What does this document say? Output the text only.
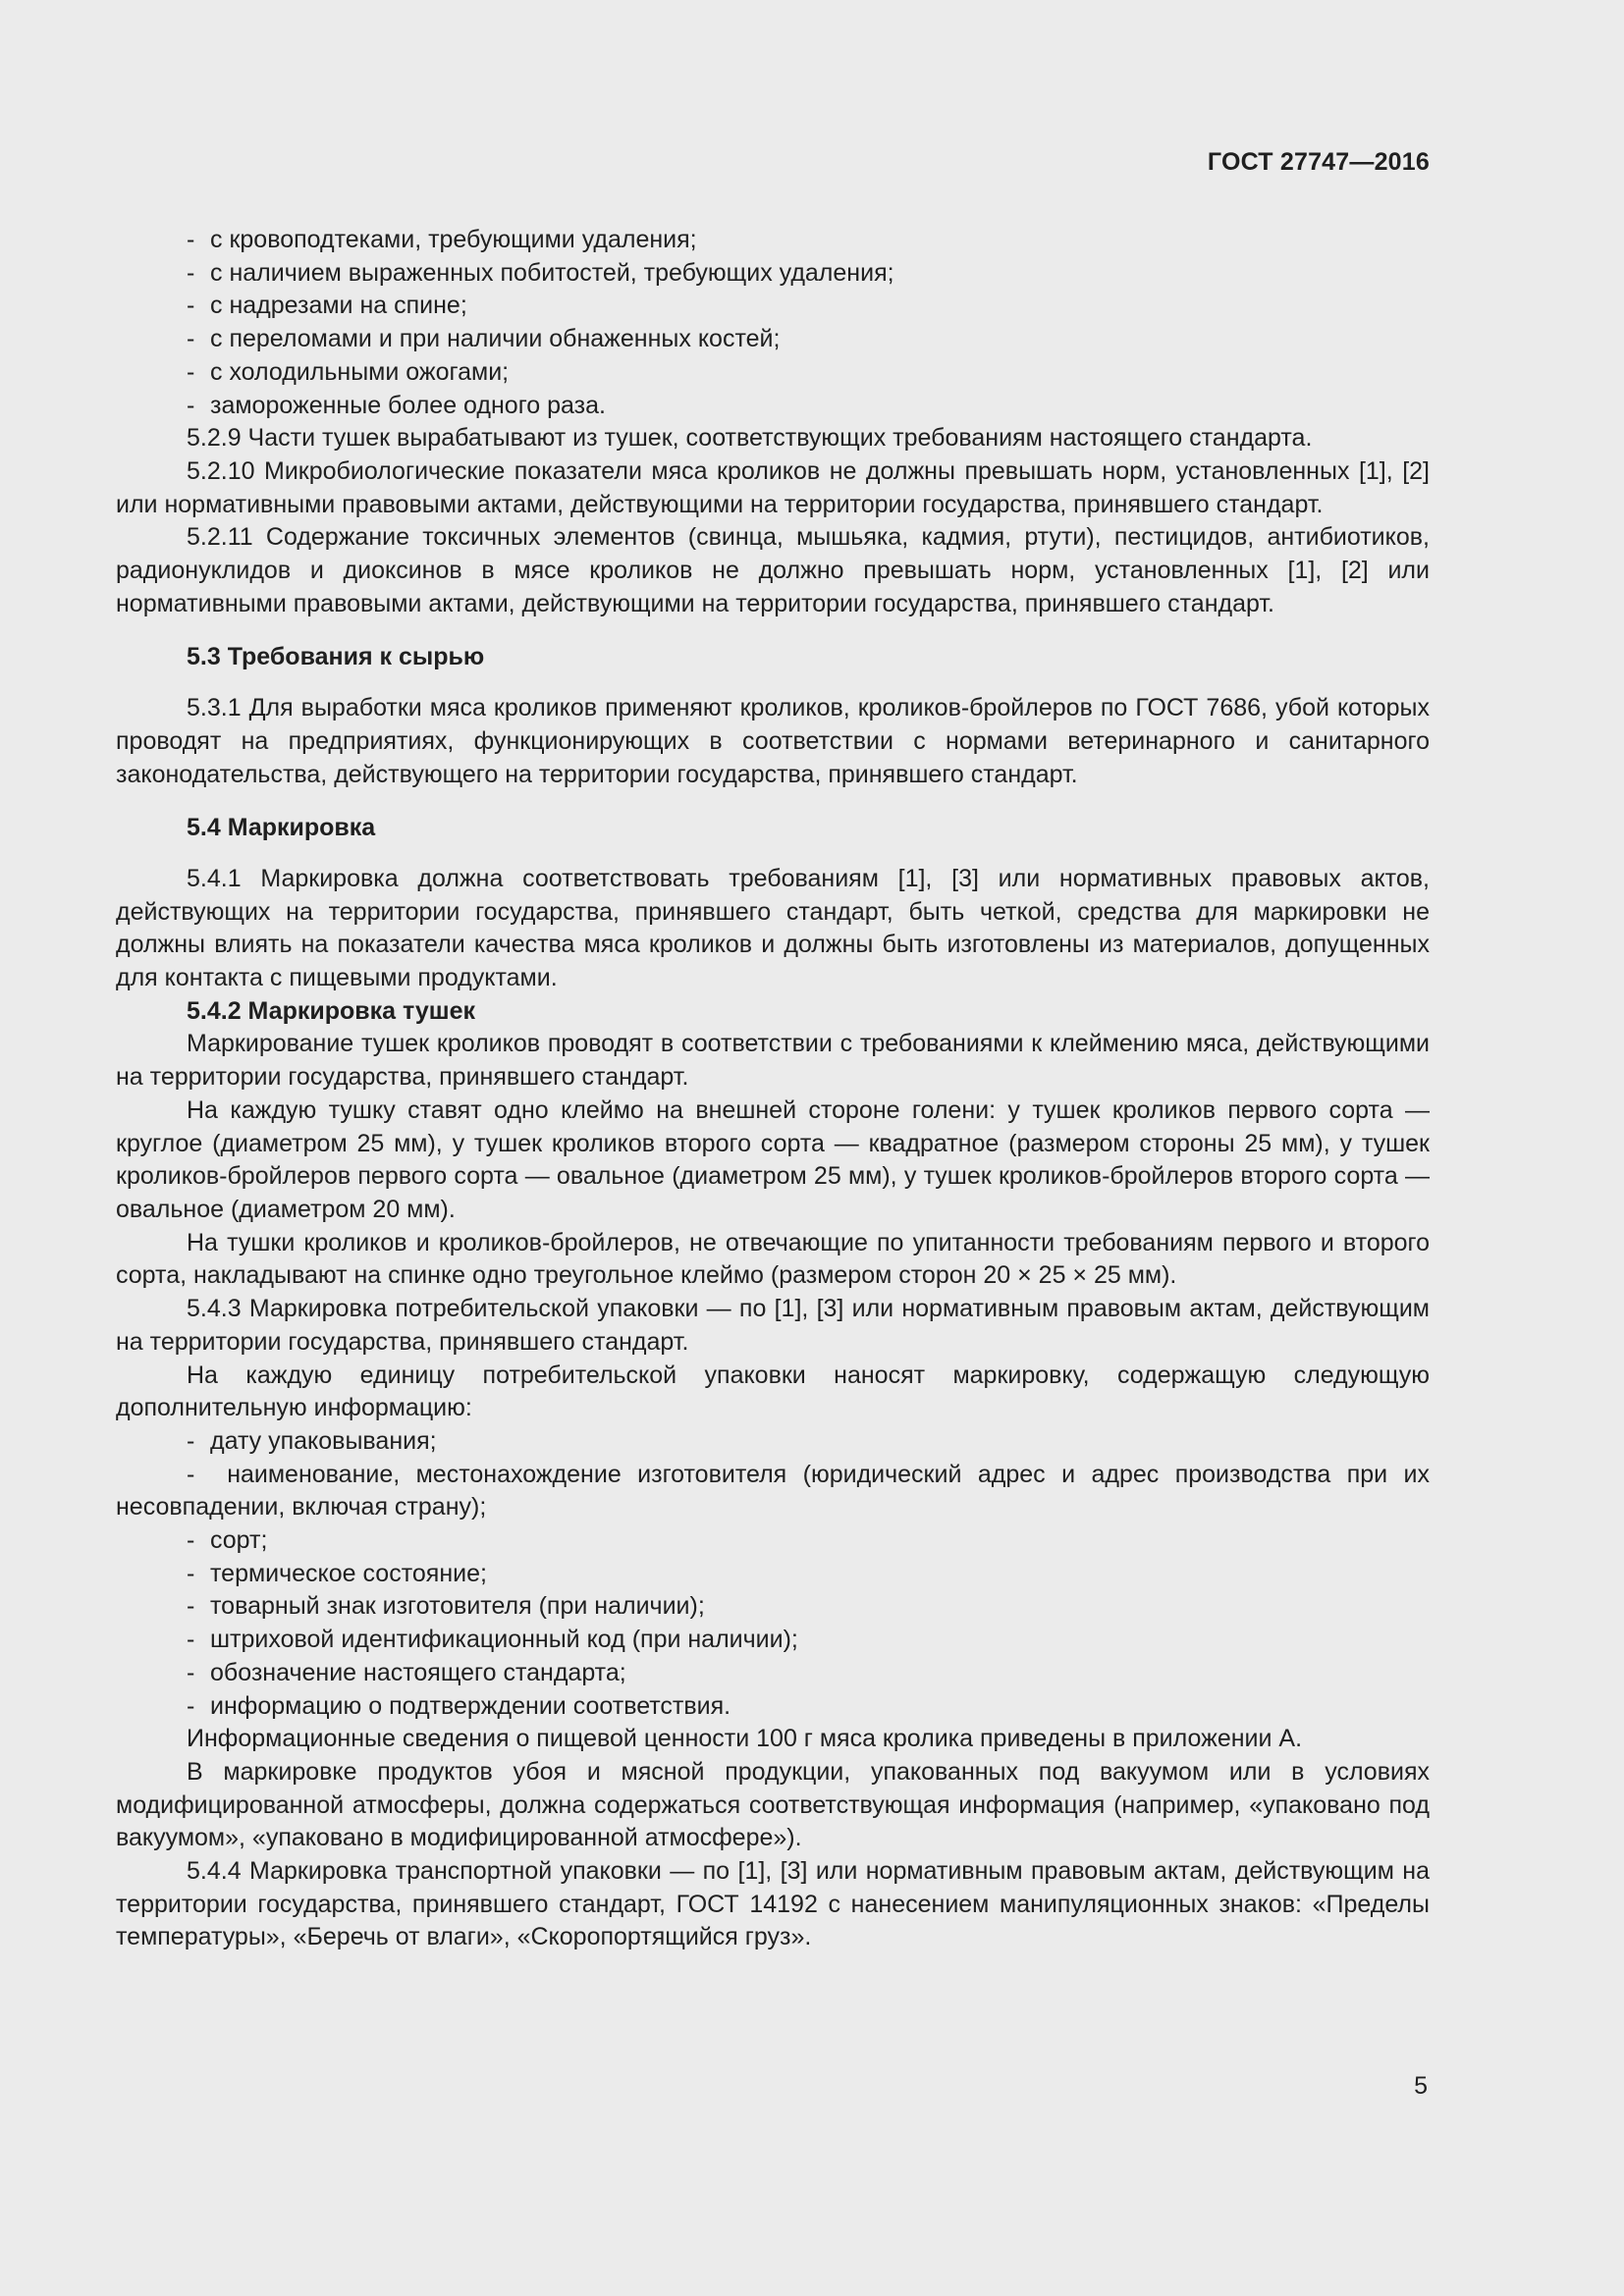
ГОСТ 27747—2016
- с кровоподтеками, требующими удаления;
- с наличием выраженных побитостей, требующих удаления;
- с надрезами на спине;
- с переломами и при наличии обнаженных костей;
- с холодильными ожогами;
- замороженные более одного раза.
5.2.9 Части тушек вырабатывают из тушек, соответствующих требованиям настоящего стандарта.
5.2.10 Микробиологические показатели мяса кроликов не должны превышать норм, установленных [1], [2] или нормативными правовыми актами, действующими на территории государства, принявшего стандарт.
5.2.11 Содержание токсичных элементов (свинца, мышьяка, кадмия, ртути), пестицидов, антибиотиков, радионуклидов и диоксинов в мясе кроликов не должно превышать норм, установленных [1], [2] или нормативными правовыми актами, действующими на территории государства, принявшего стандарт.
5.3 Требования к сырью
5.3.1 Для выработки мяса кроликов применяют кроликов, кроликов-бройлеров по ГОСТ 7686, убой которых проводят на предприятиях, функционирующих в соответствии с нормами ветеринарного и санитарного законодательства, действующего на территории государства, принявшего стандарт.
5.4 Маркировка
5.4.1 Маркировка должна соответствовать требованиям [1], [3] или нормативных правовых актов, действующих на территории государства, принявшего стандарт, быть четкой, средства для маркировки не должны влиять на показатели качества мяса кроликов и должны быть изготовлены из материалов, допущенных для контакта с пищевыми продуктами.
5.4.2 Маркировка тушек
Маркирование тушек кроликов проводят в соответствии с требованиями к клеймению мяса, действующими на территории государства, принявшего стандарт.
На каждую тушку ставят одно клеймо на внешней стороне голени: у тушек кроликов первого сорта — круглое (диаметром 25 мм), у тушек кроликов второго сорта — квадратное (размером стороны 25 мм), у тушек кроликов-бройлеров первого сорта — овальное (диаметром 25 мм), у тушек кроликов-бройлеров второго сорта — овальное (диаметром 20 мм).
На тушки кроликов и кроликов-бройлеров, не отвечающие по упитанности требованиям первого и второго сорта, накладывают на спинке одно треугольное клеймо (размером сторон 20 × 25 × 25 мм).
5.4.3 Маркировка потребительской упаковки — по [1], [3] или нормативным правовым актам, действующим на территории государства, принявшего стандарт.
На каждую единицу потребительской упаковки наносят маркировку, содержащую следующую дополнительную информацию:
- дату упаковывания;
-  наименование, местонахождение изготовителя (юридический адрес и адрес производства при их несовпадении, включая страну);
- сорт;
- термическое состояние;
- товарный знак изготовителя (при наличии);
- штриховой идентификационный код (при наличии);
- обозначение настоящего стандарта;
- информацию о подтверждении соответствия.
Информационные сведения о пищевой ценности 100 г мяса кролика приведены в приложении А.
В маркировке продуктов убоя и мясной продукции, упакованных под вакуумом или в условиях модифицированной атмосферы, должна содержаться соответствующая информация (например, «упаковано под вакуумом», «упаковано в модифицированной атмосфере»).
5.4.4 Маркировка транспортной упаковки — по [1], [3] или нормативным правовым актам, действующим на территории государства, принявшего стандарт, ГОСТ 14192 с нанесением манипуляционных знаков: «Пределы температуры», «Беречь от влаги», «Скоропортящийся груз».
5
